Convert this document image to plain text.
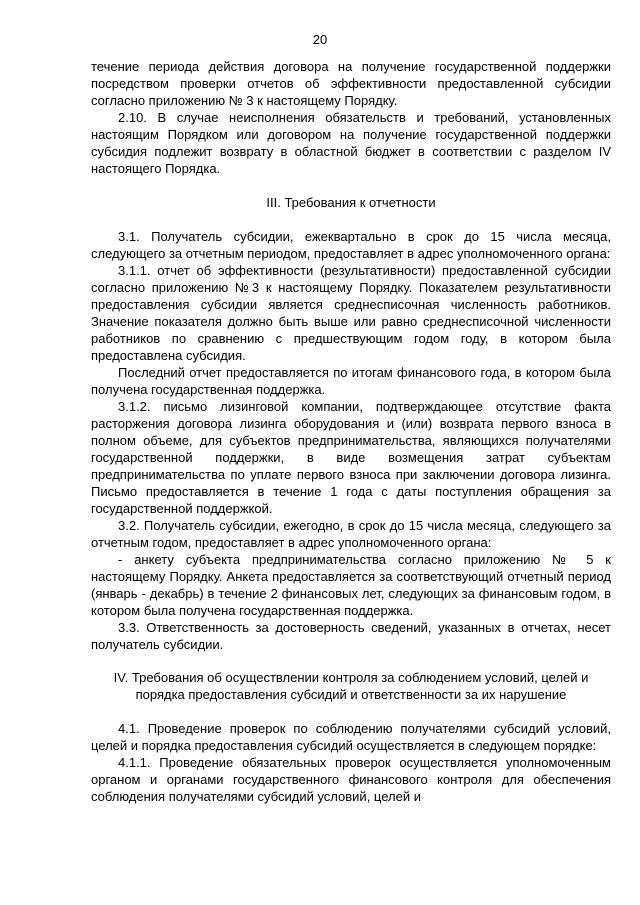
20

течение периода действия договора на получение государственной поддержки посредством проверки отчетов об эффективности предоставленной субсидии согласно приложению № 3 к настоящему Порядку.

2.10. В случае неисполнения обязательств и требований, установленных настоящим Порядком или договором на получение государственной поддержки субсидия подлежит возврату в областной бюджет в соответствии с разделом IV настоящего Порядка.

III. Требования к отчетности

3.1. Получатель субсидии, ежеквартально в срок до 15 числа месяца, следующего за отчетным периодом, предоставляет в адрес уполномоченного органа:

3.1.1. отчет об эффективности (результативности) предоставленной субсидии согласно приложению №3 к настоящему Порядку. Показателем результативности предоставления субсидии является среднесписочная численность работников. Значение показателя должно быть выше или равно среднесписочной численности работников по сравнению с предшествующим годом году, в котором была предоставлена субсидия.

Последний отчет предоставляется по итогам финансового года, в котором была получена государственная поддержка.

3.1.2. письмо лизинговой компании, подтверждающее отсутствие факта расторжения договора лизинга оборудования и (или) возврата первого взноса в полном объеме, для субъектов предпринимательства, являющихся получателями государственной поддержки, в виде возмещения затрат субъектам предпринимательства по уплате первого взноса при заключении договора лизинга. Письмо предоставляется в течение 1 года с даты поступления обращения за государственной поддержкой.

3.2. Получатель субсидии, ежегодно, в срок до 15 числа месяца, следующего за отчетным годом, предоставляет в адрес уполномоченного органа:

- анкету субъекта предпринимательства согласно приложению № 5 к настоящему Порядку. Анкета предоставляется за соответствующий отчетный период (январь - декабрь) в течение 2 финансовых лет, следующих за финансовым годом, в котором была получена государственная поддержка.

3.3. Ответственность за достоверность сведений, указанных в отчетах, несет получатель субсидии.

IV. Требования об осуществлении контроля за соблюдением условий, целей и порядка предоставления субсидий и ответственности за их нарушение

4.1. Проведение проверок по соблюдению получателями субсидий условий, целей и порядка предоставления субсидий осуществляется в следующем порядке:

4.1.1. Проведение обязательных проверок осуществляется уполномоченным органом и органами государственного финансового контроля для обеспечения соблюдения получателями субсидий условий, целей и
